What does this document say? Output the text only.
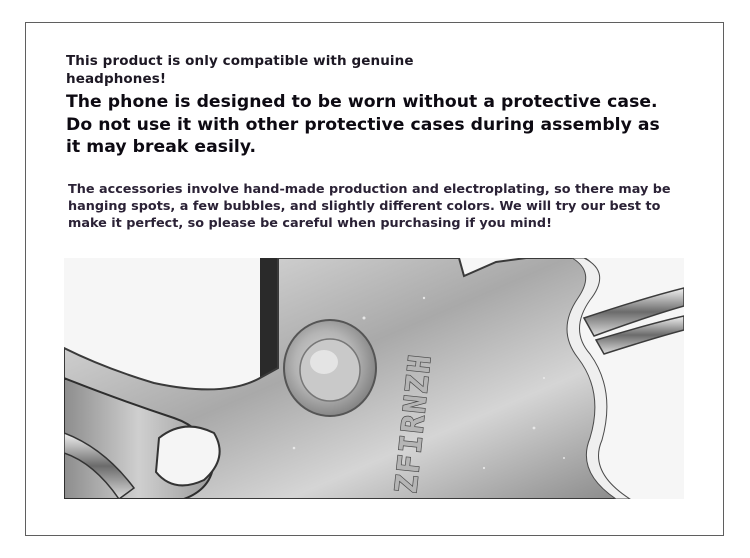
This product is only compatible with genuine headphones!
The phone is designed to be worn without a protective case. Do not use it with other protective cases during assembly as it may break easily.
The accessories involve hand-made production and electroplating, so there may be hanging spots, a few bubbles, and slightly different colors. We will try our best to make it perfect, so please be careful when purchasing if you mind!
ZFIRNZH
